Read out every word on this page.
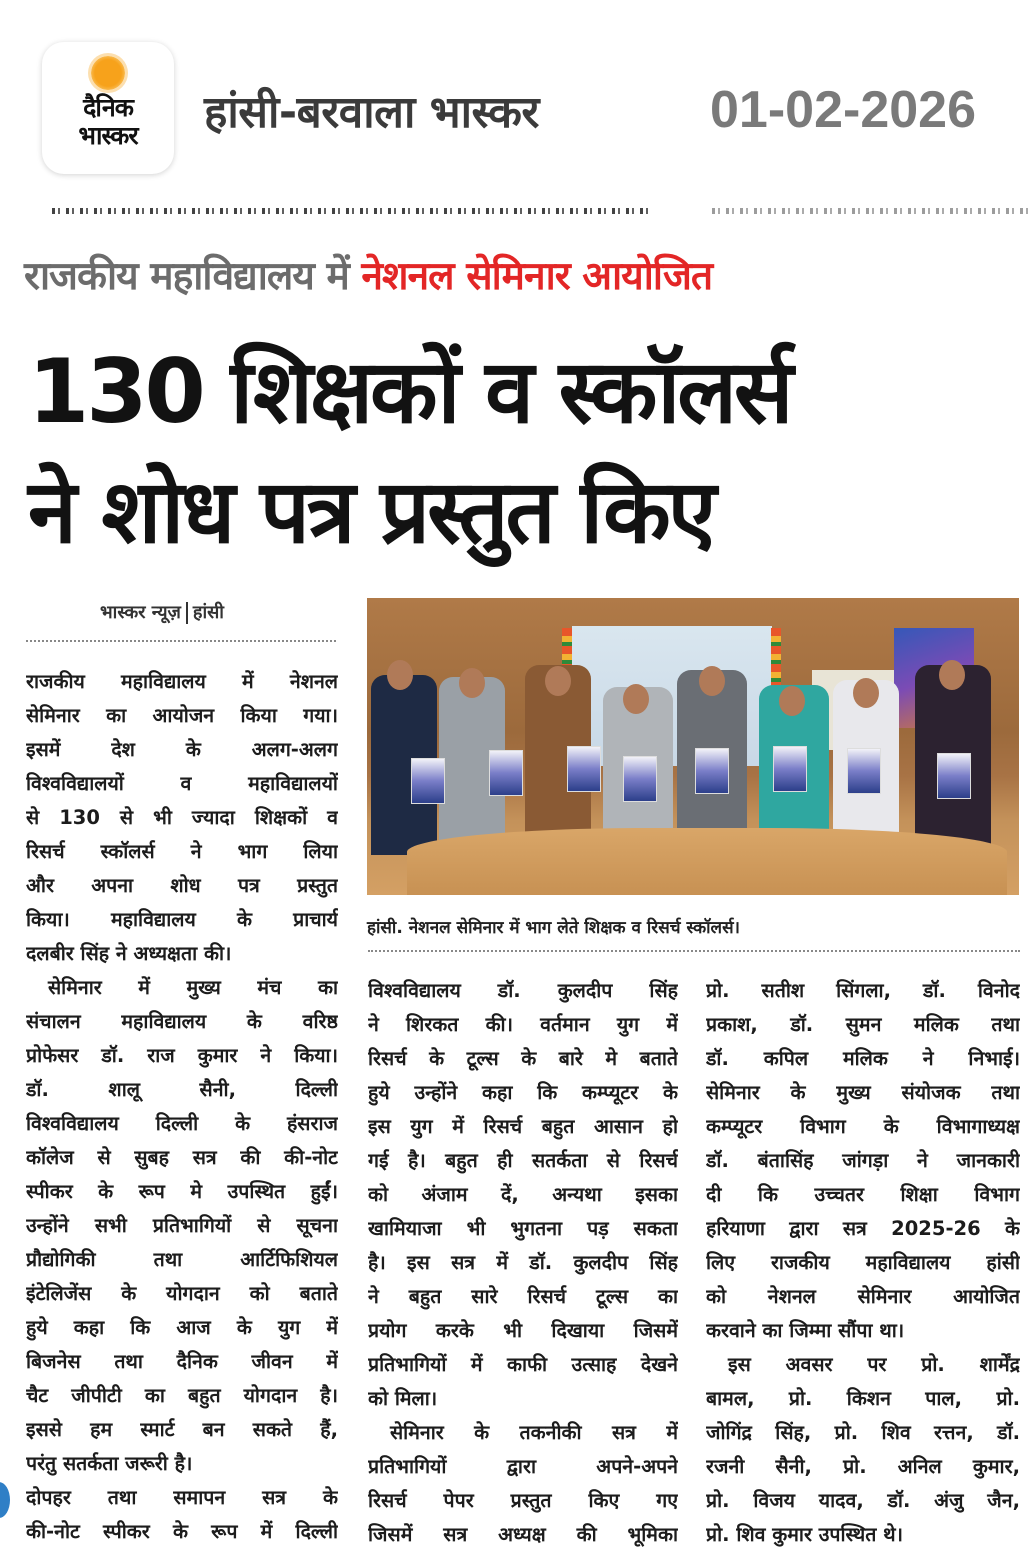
दैनिक
भास्कर हांसी-बरवाला भास्कर	01-02-2026
राजकीय महाविद्यालय में नेशनल सेमिनार आयोजित
130 शिक्षकों व स्कॉलर्स
ने शोध पत्र प्रस्तुत किए
भास्कर न्यूज़ हांसी
हांसी. नेशनल सेमिनार में भाग लेते शिक्षक व रिसर्च स्कॉलर्स।
राजकीय महाविद्यालय में नेशनल
सेमिनार का आयोजन किया गया।
इसमें देश के अलग-अलग
विश्वविद्यालयों व महाविद्यालयों
से 130 से भी ज्यादा शिक्षकों व
रिसर्च स्कॉलर्स ने भाग लिया
और अपना शोध पत्र प्रस्तुत
किया। महाविद्यालय के प्राचार्य
दलबीर सिंह ने अध्यक्षता की।
सेमिनार में मुख्य मंच का
संचालन महाविद्यालय के वरिष्ठ
प्रोफेसर डॉ. राज कुमार ने किया।
डॉ. शालू सैनी, दिल्ली
विश्वविद्यालय दिल्ली के हंसराज
कॉलेज से सुबह सत्र की की-नोट
स्पीकर के रूप मे उपस्थित हुईं।
उन्होंने सभी प्रतिभागियों से सूचना
प्रौद्योगिकी तथा आर्टिफिशियल
इंटेलिजेंस के योगदान को बताते
हुये कहा कि आज के युग में
बिजनेस तथा दैनिक जीवन में
चैट जीपीटी का बहुत योगदान है।
इससे हम स्मार्ट बन सकते हैं,
परंतु सतर्कता जरूरी है।
दोपहर तथा समापन सत्र के
की-नोट स्पीकर के रूप में दिल्ली
विश्वविद्यालय डॉ. कुलदीप सिंह
ने शिरकत की। वर्तमान युग में
रिसर्च के टूल्स के बारे मे बताते
हुये उन्होंने कहा कि कम्प्यूटर के
इस युग में रिसर्च बहुत आसान हो
गई है। बहुत ही सतर्कता से रिसर्च
को अंजाम दें, अन्यथा इसका
खामियाजा भी भुगतना पड़ सकता
है। इस सत्र में डॉ. कुलदीप सिंह
ने बहुत सारे रिसर्च टूल्स का
प्रयोग करके भी दिखाया जिसमें
प्रतिभागियों में काफी उत्साह देखने
को मिला।
सेमिनार के तकनीकी सत्र में
प्रतिभागियों द्वारा अपने-अपने
रिसर्च पेपर प्रस्तुत किए गए
जिसमें सत्र अध्यक्ष की भूमिका
प्रो. सतीश सिंगला, डॉ. विनोद
प्रकाश, डॉ. सुमन मलिक तथा
डॉ. कपिल मलिक ने निभाई।
सेमिनार के मुख्य संयोजक तथा
कम्प्यूटर विभाग के विभागाध्यक्ष
डॉ. बंतासिंह जांगड़ा ने जानकारी
दी कि उच्चतर शिक्षा विभाग
हरियाणा द्वारा सत्र 2025-26 के
लिए राजकीय महाविद्यालय हांसी
को नेशनल सेमिनार आयोजित
करवाने का जिम्मा सौंपा था।
इस अवसर पर प्रो. शार्मेंद्र
बामल, प्रो. किशन पाल, प्रो.
जोगिंद्र सिंह, प्रो. शिव रत्तन, डॉ.
रजनी सैनी, प्रो. अनिल कुमार,
प्रो. विजय यादव, डॉ. अंजु जैन,
प्रो. शिव कुमार उपस्थित थे।
